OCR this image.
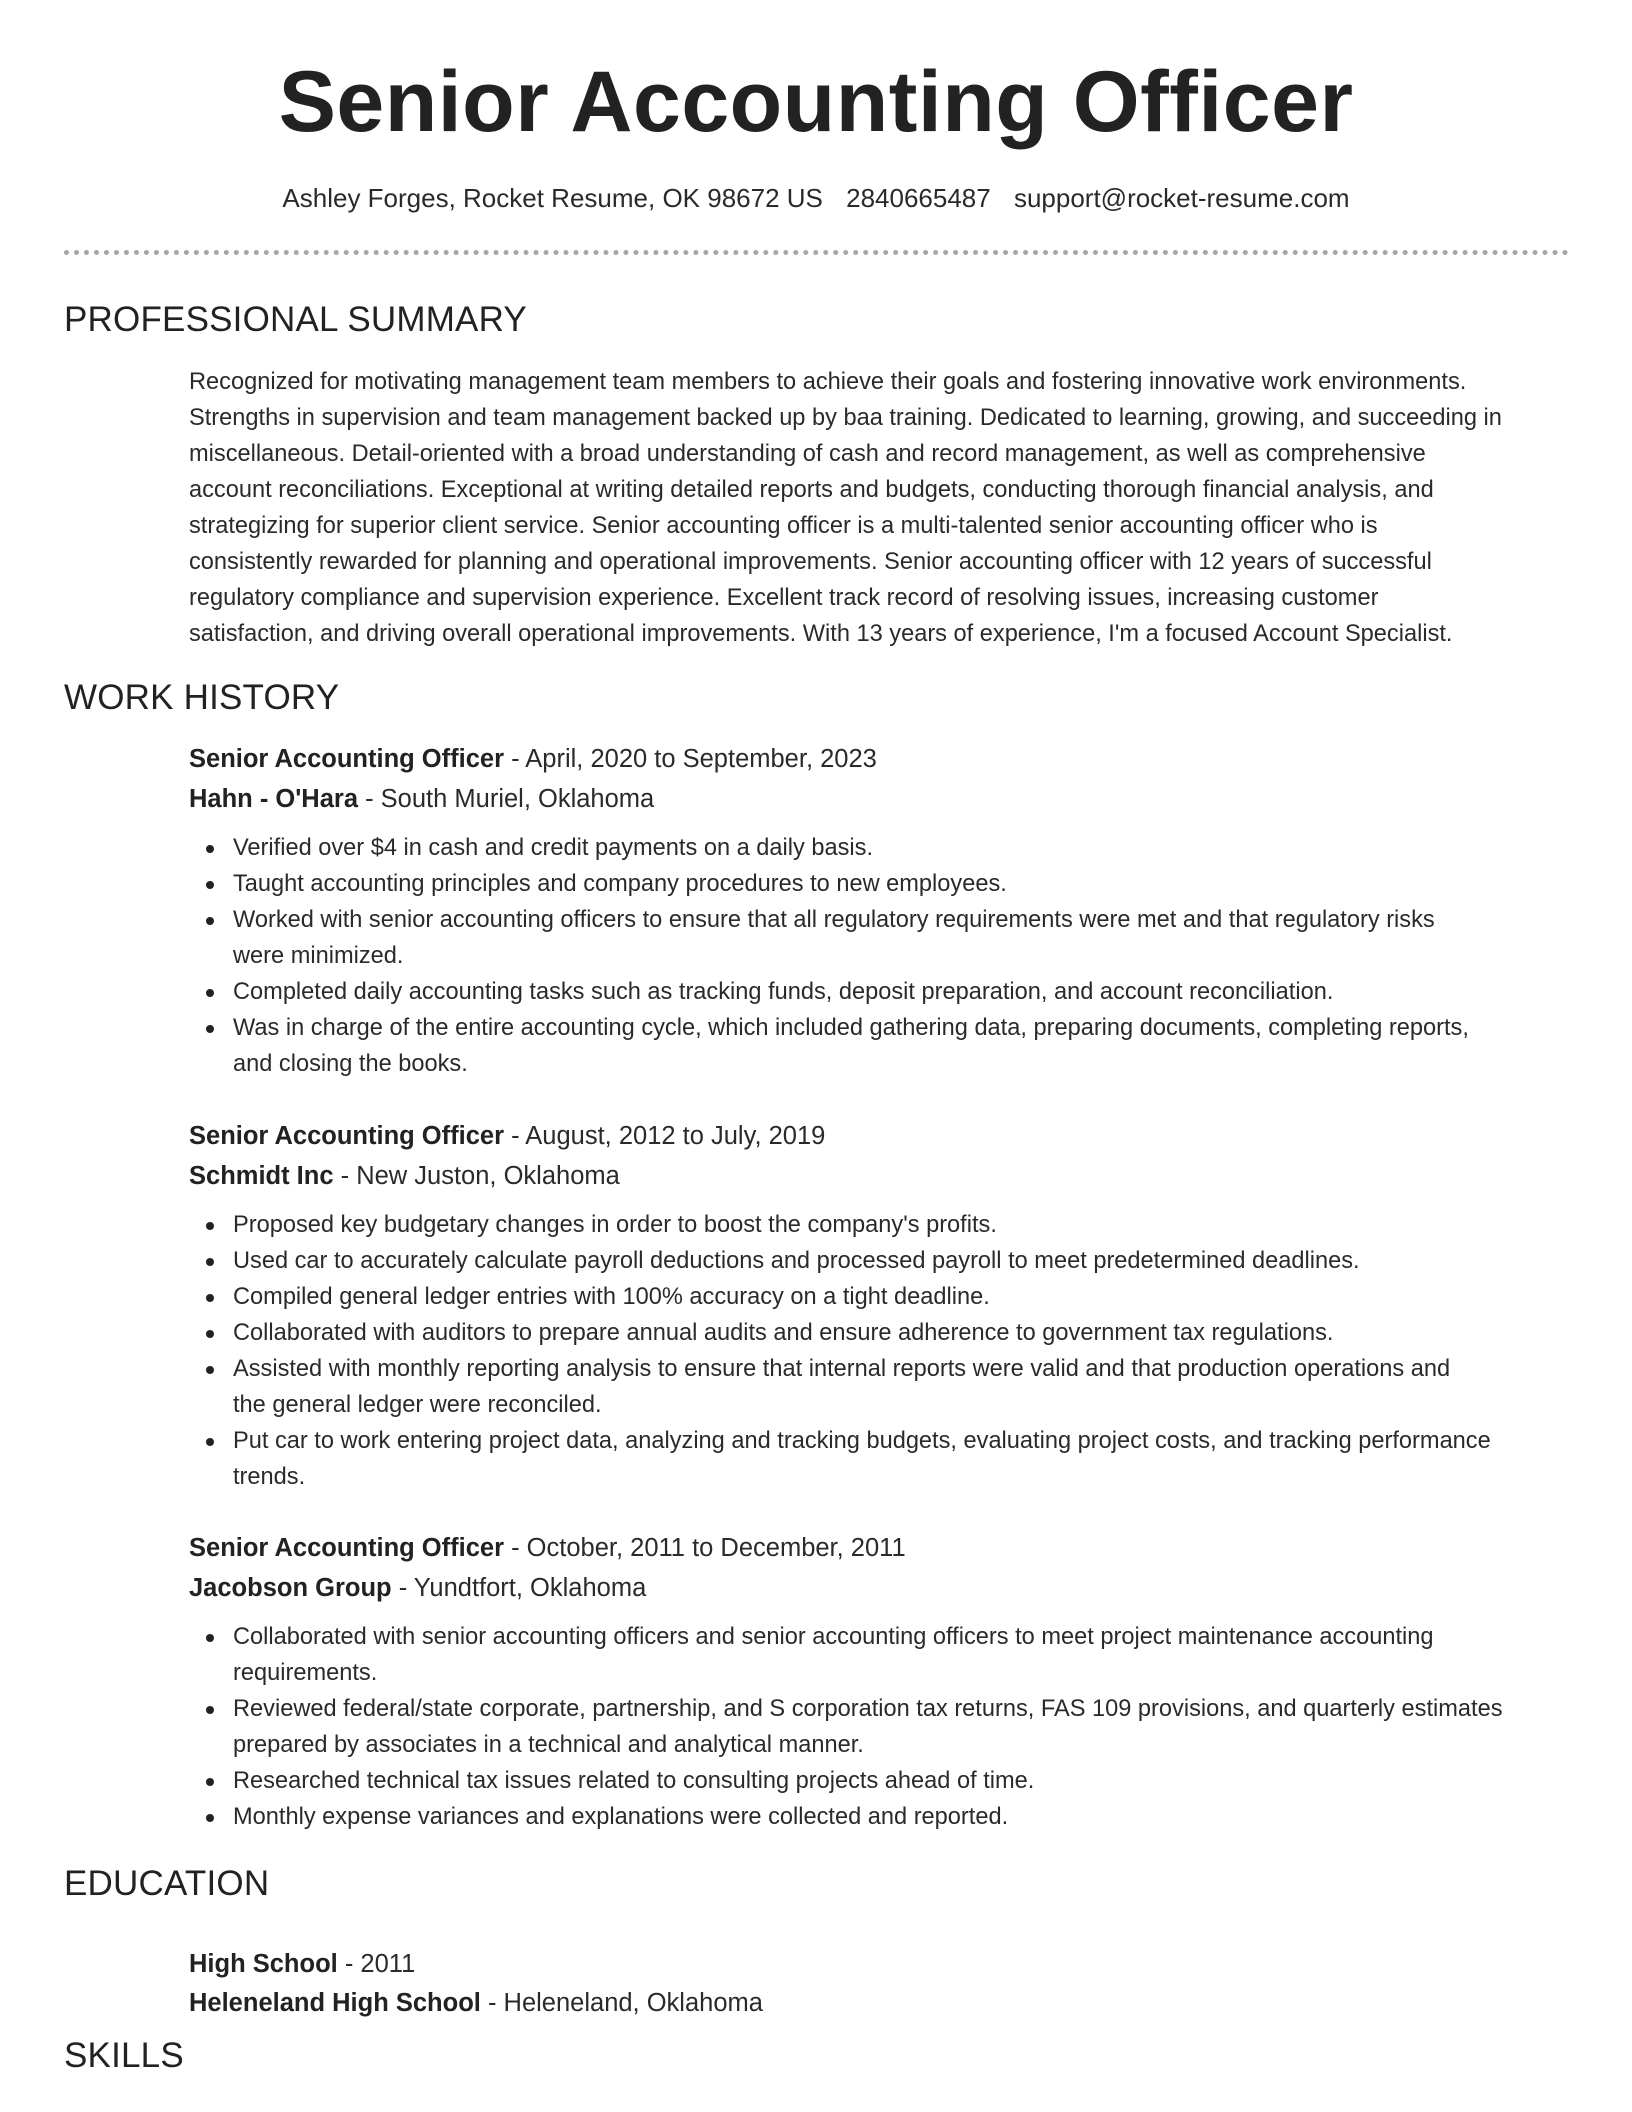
Senior Accounting Officer
Ashley Forges, Rocket Resume, OK 98672 US 2840665487 support@rocket-resume.com
PROFESSIONAL SUMMARY
Recognized for motivating management team members to achieve their goals and fostering innovative work environments.
Strengths in supervision and team management backed up by baa training. Dedicated to learning, growing, and succeeding in
miscellaneous. Detail-oriented with a broad understanding of cash and record management, as well as comprehensive
account reconciliations. Exceptional at writing detailed reports and budgets, conducting thorough financial analysis, and
strategizing for superior client service. Senior accounting officer is a multi-talented senior accounting officer who is
consistently rewarded for planning and operational improvements. Senior accounting officer with 12 years of successful
regulatory compliance and supervision experience. Excellent track record of resolving issues, increasing customer
satisfaction, and driving overall operational improvements. With 13 years of experience, I'm a focused Account Specialist.
WORK HISTORY
Senior Accounting Officer - April, 2020 to September, 2023
Hahn - O'Hara - South Muriel, Oklahoma
Verified over $4 in cash and credit payments on a daily basis.
Taught accounting principles and company procedures to new employees.
Worked with senior accounting officers to ensure that all regulatory requirements were met and that regulatory risks
were minimized.
Completed daily accounting tasks such as tracking funds, deposit preparation, and account reconciliation.
Was in charge of the entire accounting cycle, which included gathering data, preparing documents, completing reports,
and closing the books.
Senior Accounting Officer - August, 2012 to July, 2019
Schmidt Inc - New Juston, Oklahoma
Proposed key budgetary changes in order to boost the company's profits.
Used car to accurately calculate payroll deductions and processed payroll to meet predetermined deadlines.
Compiled general ledger entries with 100% accuracy on a tight deadline.
Collaborated with auditors to prepare annual audits and ensure adherence to government tax regulations.
Assisted with monthly reporting analysis to ensure that internal reports were valid and that production operations and
the general ledger were reconciled.
Put car to work entering project data, analyzing and tracking budgets, evaluating project costs, and tracking performance
trends.
Senior Accounting Officer - October, 2011 to December, 2011
Jacobson Group - Yundtfort, Oklahoma
Collaborated with senior accounting officers and senior accounting officers to meet project maintenance accounting
requirements.
Reviewed federal/state corporate, partnership, and S corporation tax returns, FAS 109 provisions, and quarterly estimates
prepared by associates in a technical and analytical manner.
Researched technical tax issues related to consulting projects ahead of time.
Monthly expense variances and explanations were collected and reported.
EDUCATION
High School - 2011
Heleneland High School - Heleneland, Oklahoma
SKILLS
